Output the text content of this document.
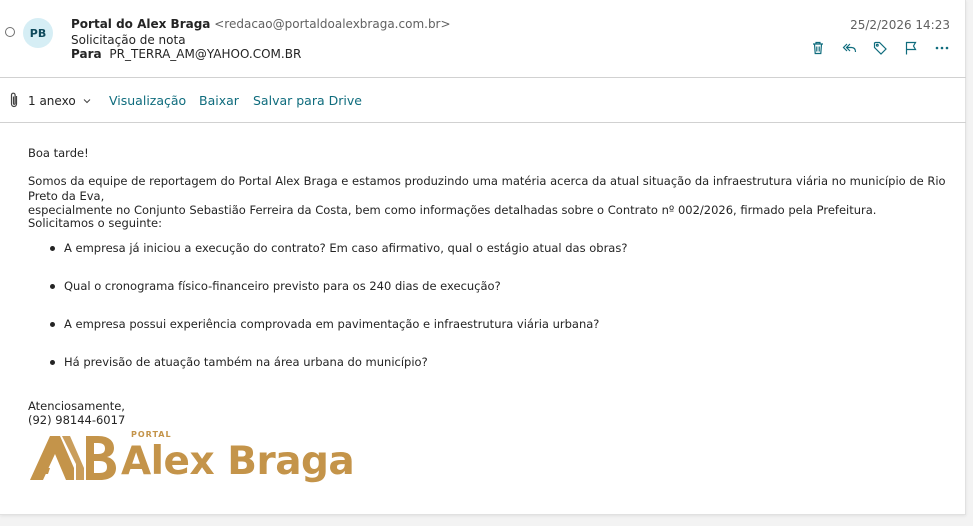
PB
Portal do Alex Braga <redacao@portaldoalexbraga.com.br>
Solicitação de nota
Para PR_TERRA_AM@YAHOO.COM.BR
25/2/2026 14:23
1 anexo	Visualização Baixar Salvar para Drive
Boa tarde!
Somos da equipe de reportagem do Portal Alex Braga e estamos produzindo uma matéria acerca da atual situação da infraestrutura viária no município de Rio Preto da Eva,
especialmente no Conjunto Sebastião Ferreira da Costa, bem como informações detalhadas sobre o Contrato nº 002/2026, firmado pela Prefeitura.
Solicitamos o seguinte:
A empresa já iniciou a execução do contrato? Em caso afirmativo, qual o estágio atual das obras?
Qual o cronograma físico-financeiro previsto para os 240 dias de execução?
A empresa possui experiência comprovada em pavimentação e infraestrutura viária urbana?
Há previsão de atuação também na área urbana do município?
Atenciosamente,
(92) 98144-6017
PORTAL
Alex Braga
